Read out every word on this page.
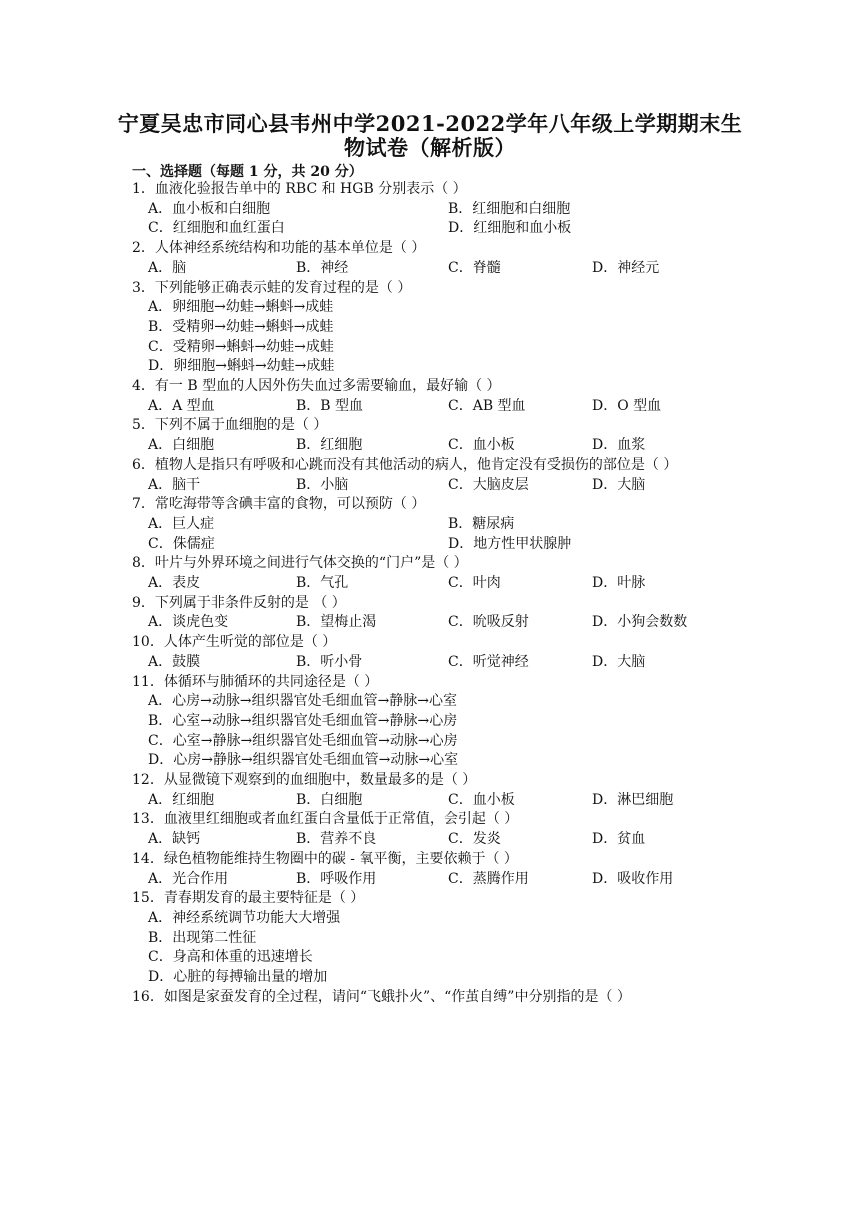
宁夏吴忠市同心县韦州中学2021-2022学年八年级上学期期末生
物试卷（解析版）
一、选择题（每题 1 分，共 20 分）
1．血液化验报告单中的 RBC 和 HGB 分别表示（ ）
A．血小板和白细胞	B．红细胞和白细胞
C．红细胞和血红蛋白	D．红细胞和血小板
2．人体神经系统结构和功能的基本单位是（ ）
A．脑	B．神经	C．脊髓	D．神经元
3．下列能够正确表示蛙的发育过程的是（ ）
A．卵细胞→幼蛙→蝌蚪→成蛙
B．受精卵→幼蛙→蝌蚪→成蛙
C．受精卵→蝌蚪→幼蛙→成蛙
D．卵细胞→蝌蚪→幼蛙→成蛙
4．有一 B 型血的人因外伤失血过多需要输血，最好输（ ）
A．A 型血	B．B 型血	C．AB 型血	D．O 型血
5．下列不属于血细胞的是（ ）
A．白细胞	B．红细胞	C．血小板	D．血浆
6．植物人是指只有呼吸和心跳而没有其他活动的病人，他肯定没有受损伤的部位是（ ）
A．脑干	B．小脑	C．大脑皮层	D．大脑
7．常吃海带等含碘丰富的食物，可以预防（ ）
A．巨人症	B．糖尿病
C．侏儒症	D．地方性甲状腺肿
8．叶片与外界环境之间进行气体交换的“门户”是（ ）
A．表皮	B．气孔	C．叶肉	D．叶脉
9．下列属于非条件反射的是 （ ）
A．谈虎色变	B．望梅止渴	C．吮吸反射	D．小狗会数数
10．人体产生听觉的部位是（ ）
A．鼓膜	B．听小骨	C．听觉神经	D．大脑
11．体循环与肺循环的共同途径是（ ）
A．心房→动脉→组织器官处毛细血管→静脉→心室
B．心室→动脉→组织器官处毛细血管→静脉→心房
C．心室→静脉→组织器官处毛细血管→动脉→心房
D．心房→静脉→组织器官处毛细血管→动脉→心室
12．从显微镜下观察到的血细胞中，数量最多的是（ ）
A．红细胞	B．白细胞	C．血小板	D．淋巴细胞
13．血液里红细胞或者血红蛋白含量低于正常值，会引起（ ）
A．缺钙	B．营养不良	C．发炎	D．贫血
14．绿色植物能维持生物圈中的碳 - 氧平衡，主要依赖于（ ）
A．光合作用	B．呼吸作用	C．蒸腾作用	D．吸收作用
15．青春期发育的最主要特征是（ ）
A．神经系统调节功能大大增强
B．出现第二性征
C．身高和体重的迅速增长
D．心脏的每搏输出量的增加
16．如图是家蚕发育的全过程，请问“飞蛾扑火”、“作茧自缚”中分别指的是（ ）
